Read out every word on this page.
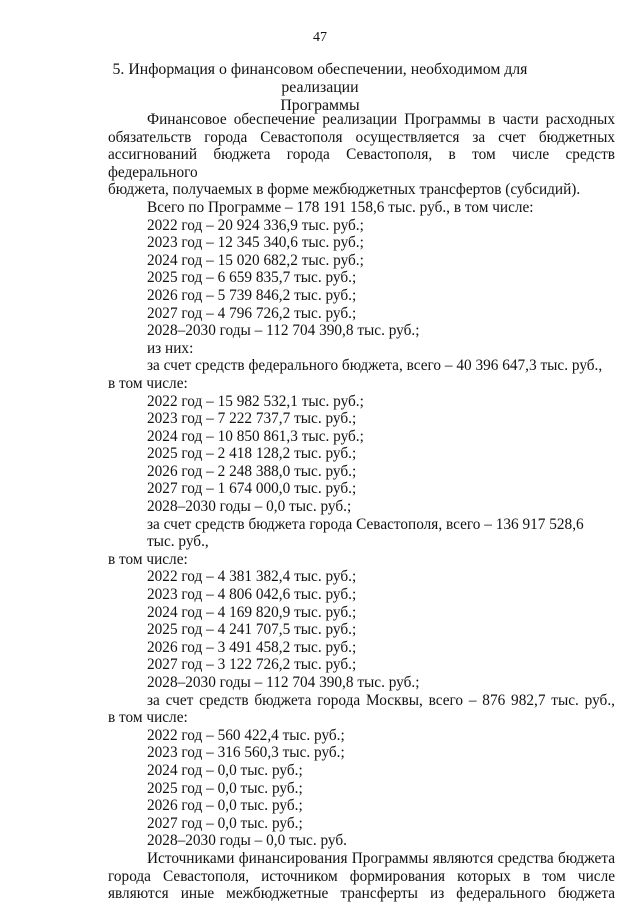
47
5. Информация о финансовом обеспечении, необходимом для реализации
Программы
Финансовое обеспечение реализации Программы в части расходных
обязательств города Севастополя осуществляется за счет бюджетных
ассигнований бюджета города Севастополя, в том числе средств федерального
бюджета, получаемых в форме межбюджетных трансфертов (субсидий).
Всего по Программе – 178 191 158,6 тыс. руб., в том числе:
2022 год – 20 924 336,9 тыс. руб.;
2023 год – 12 345 340,6 тыс. руб.;
2024 год – 15 020 682,2 тыс. руб.;
2025 год – 6 659 835,7 тыс. руб.;
2026 год – 5 739 846,2 тыс. руб.;
2027 год – 4 796 726,2 тыс. руб.;
2028–2030 годы – 112 704 390,8 тыс. руб.;
из них:
за счет средств федерального бюджета, всего – 40 396 647,3 тыс. руб.,
в том числе:
2022 год – 15 982 532,1 тыс. руб.;
2023 год – 7 222 737,7 тыс. руб.;
2024 год – 10 850 861,3 тыс. руб.;
2025 год – 2 418 128,2 тыс. руб.;
2026 год – 2 248 388,0 тыс. руб.;
2027 год – 1 674 000,0 тыс. руб.;
2028–2030 годы – 0,0 тыс. руб.;
за счет средств бюджета города Севастополя, всего – 136 917 528,6 тыс. руб.,
в том числе:
2022 год – 4 381 382,4 тыс. руб.;
2023 год – 4 806 042,6 тыс. руб.;
2024 год – 4 169 820,9 тыс. руб.;
2025 год – 4 241 707,5 тыс. руб.;
2026 год – 3 491 458,2 тыс. руб.;
2027 год – 3 122 726,2 тыс. руб.;
2028–2030 годы – 112 704 390,8 тыс. руб.;
за счет средств бюджета города Москвы, всего – 876 982,7 тыс. руб.,
в том числе:
2022 год – 560 422,4 тыс. руб.;
2023 год – 316 560,3 тыс. руб.;
2024 год – 0,0 тыс. руб.;
2025 год – 0,0 тыс. руб.;
2026 год – 0,0 тыс. руб.;
2027 год – 0,0 тыс. руб.;
2028–2030 годы – 0,0 тыс. руб.
Источниками финансирования Программы являются средства бюджета
города Севастополя, источником формирования которых в том числе
являются иные межбюджетные трансферты из федерального бюджета
